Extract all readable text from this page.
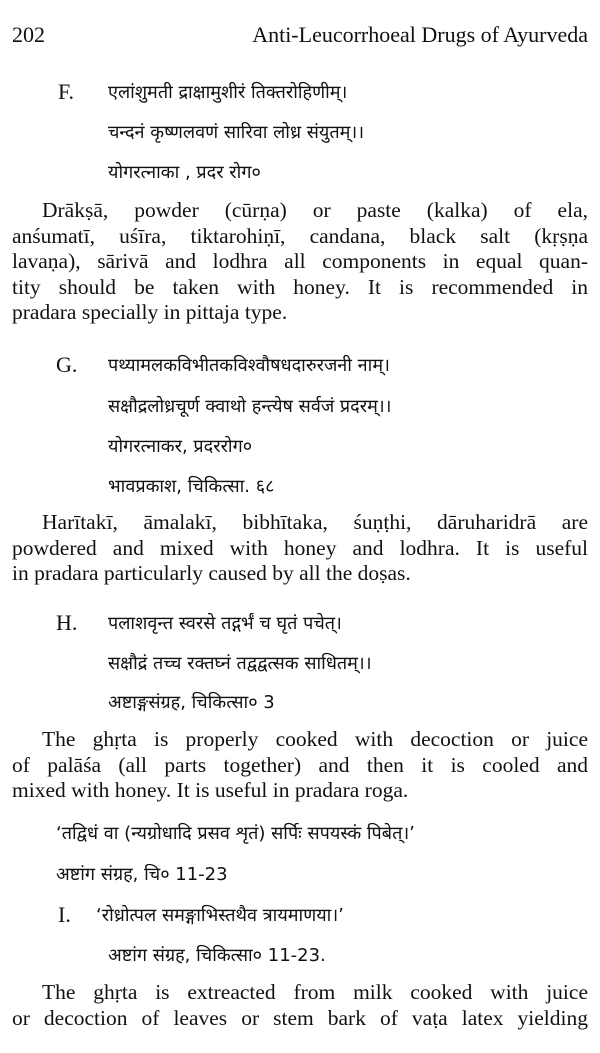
202	Anti-Leucorrhoeal Drugs of Ayurveda
F. एलांशुमती द्राक्षामुशीरं तिक्तरोहिणीम्।
चन्दनं कृष्णलवणं सारिवा लोध्र संयुतम्।।
योगरत्नाका , प्रदर रोग०
Drākṣā, powder (cūrṇa) or paste (kalka) of ela,
anśumatī, uśīra, tiktarohiṇī, candana, black salt (kṛṣṇa
lavaṇa), sārivā and lodhra all components in equal quan-
tity should be taken with honey. It is recommended in
pradara specially in pittaja type.
G. पथ्यामलकविभीतकविश्वौषधदारुरजनी नाम्।
सक्षौद्रलोध्रचूर्ण क्वाथो हन्त्येष सर्वजं प्रदरम्।।
योगरत्नाकर, प्रदररोग०
भावप्रकाश, चिकित्सा. ६८
Harītakī, āmalakī, bibhītaka, śuṇṭhi, dāruharidrā are
powdered and mixed with honey and lodhra. It is useful
in pradara particularly caused by all the doṣas.
H. पलाशवृन्त स्वरसे तद्गर्भं च घृतं पचेत्।
सक्षौद्रं तच्च रक्तघ्नं तद्वद्वत्सक साधितम्।।
अष्टाङ्गसंग्रह, चिकित्सा० 3
The ghṛta is properly cooked with decoction or juice
of palāśa (all parts together) and then it is cooled and
mixed with honey. It is useful in pradara roga.
‘तद्विधं वा (न्यग्रोधादि प्रसव शृतं) सर्पिः सपयस्कं पिबेत्।’
अष्टांग संग्रह, चि० 11-23
I. ‘रोध्रोत्पल समङ्गाभिस्तथैव त्रायमाणया।’
अष्टांग संग्रह, चिकित्सा० 11-23.
The ghṛta is extreacted from milk cooked with juice
or decoction of leaves or stem bark of vaṭa latex yielding
